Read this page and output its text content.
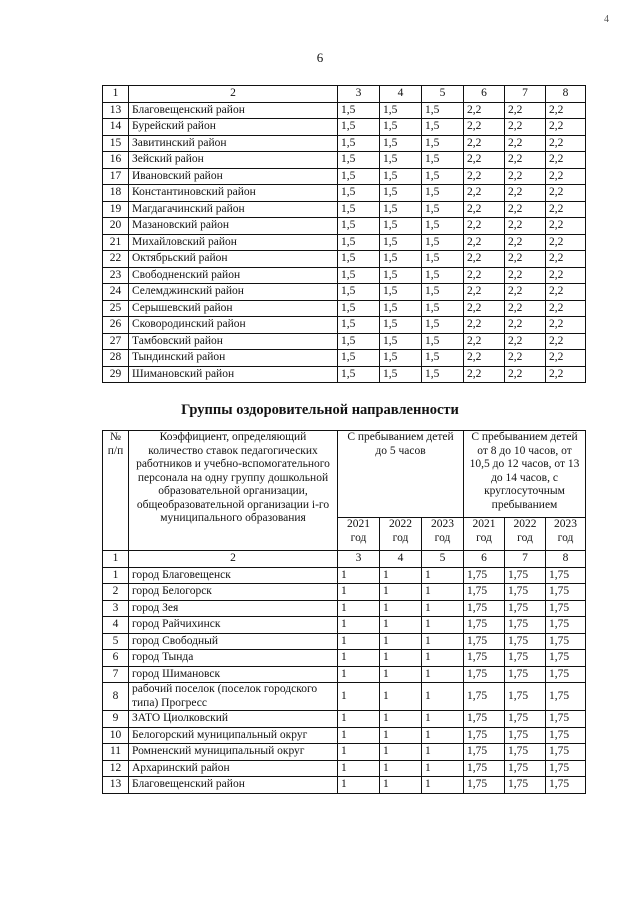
4
6
1	2	3	4	5	6	7	8
13	Благовещенский район	1,5	1,5	1,5	2,2	2,2	2,2
14	Бурейский район	1,5	1,5	1,5	2,2	2,2	2,2
15	Завитинский район	1,5	1,5	1,5	2,2	2,2	2,2
16	Зейский район	1,5	1,5	1,5	2,2	2,2	2,2
17	Ивановский район	1,5	1,5	1,5	2,2	2,2	2,2
18	Константиновский район	1,5	1,5	1,5	2,2	2,2	2,2
19	Магдагачинский район	1,5	1,5	1,5	2,2	2,2	2,2
20	Мазановский район	1,5	1,5	1,5	2,2	2,2	2,2
21	Михайловский район	1,5	1,5	1,5	2,2	2,2	2,2
22	Октябрьский район	1,5	1,5	1,5	2,2	2,2	2,2
23	Свободненский район	1,5	1,5	1,5	2,2	2,2	2,2
24	Селемджинский район	1,5	1,5	1,5	2,2	2,2	2,2
25	Серышевский район	1,5	1,5	1,5	2,2	2,2	2,2
26	Сковородинский район	1,5	1,5	1,5	2,2	2,2	2,2
27	Тамбовский район	1,5	1,5	1,5	2,2	2,2	2,2
28	Тындинский район	1,5	1,5	1,5	2,2	2,2	2,2
29	Шимановский район	1,5	1,5	1,5	2,2	2,2	2,2
Группы оздоровительной направленности
№ п/п	Коэффициент, определяющий количество ставок педагогических работников и учебно-вспомогательного персонала на одну группу дошкольной образовательной организации, общеобразовательной организации i-го муниципального образования	С пребыванием детей до 5 часов			С пребыванием детей от 8 до 10 часов, от 10,5 до 12 часов, от 13 до 14 часов, с круглосуточным пребыванием		
		2021 год	2022 год	2023 год	2021 год	2022 год	2023 год
1	2	3	4	5	6	7	8
1	город Благовещенск	1	1	1	1,75	1,75	1,75
2	город Белогорск	1	1	1	1,75	1,75	1,75
3	город Зея	1	1	1	1,75	1,75	1,75
4	город Райчихинск	1	1	1	1,75	1,75	1,75
5	город Свободный	1	1	1	1,75	1,75	1,75
6	город Тында	1	1	1	1,75	1,75	1,75
7	город Шимановск	1	1	1	1,75	1,75	1,75
8	рабочий поселок (поселок городского типа) Прогресс	1	1	1	1,75	1,75	1,75
9	ЗАТО Циолковский	1	1	1	1,75	1,75	1,75
10	Белогорский муниципальный округ	1	1	1	1,75	1,75	1,75
11	Ромненский муниципальный округ	1	1	1	1,75	1,75	1,75
12	Архаринский район	1	1	1	1,75	1,75	1,75
13	Благовещенский район	1	1	1	1,75	1,75	1,75
